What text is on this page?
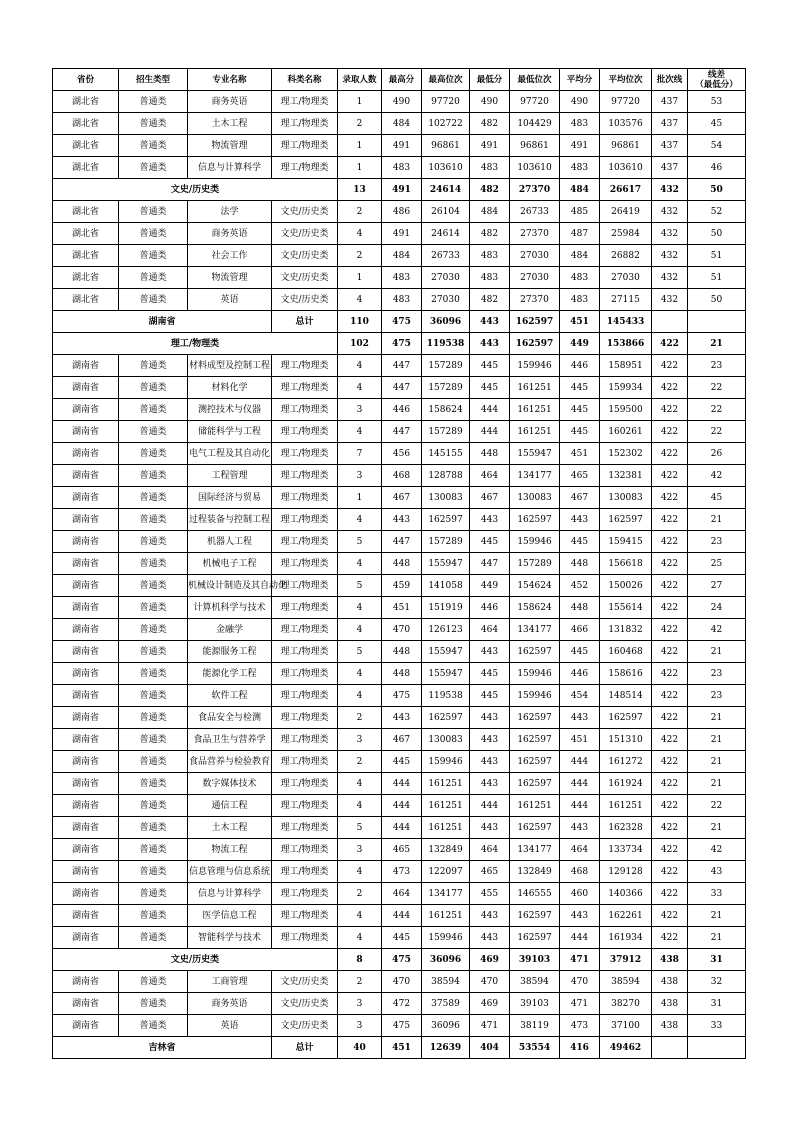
省份	招生类型	专业名称	科类名称	录取人数	最高分	最高位次	最低分	最低位次	平均分	平均位次	批次线	线差
（最低分）

湖北省	普通类	商务英语	理工/物理类	1	490	97720	490	97720	490	97720	437	53

湖北省	普通类	土木工程	理工/物理类	2	484	102722	482	104429	483	103576	437	45

湖北省	普通类	物流管理	理工/物理类	1	491	96861	491	96861	491	96861	437	54

湖北省	普通类	信息与计算科学	理工/物理类	1	483	103610	483	103610	483	103610	437	46

文史/历史类				13	491	24614	482	27370	484	26617	432	50

湖北省	普通类	法学	文史/历史类	2	486	26104	484	26733	485	26419	432	52

湖北省	普通类	商务英语	文史/历史类	4	491	24614	482	27370	487	25984	432	50

湖北省	普通类	社会工作	文史/历史类	2	484	26733	483	27030	484	26882	432	51

湖北省	普通类	物流管理	文史/历史类	1	483	27030	483	27030	483	27030	432	51

湖北省	普通类	英语	文史/历史类	4	483	27030	482	27370	483	27115	432	50

湖南省			总计	110	475	36096	443	162597	451	145433		

理工/物理类				102	475	119538	443	162597	449	153866	422	21

湖南省	普通类	材料成型及控制工程	理工/物理类	4	447	157289	445	159946	446	158951	422	23

湖南省	普通类	材料化学	理工/物理类	4	447	157289	445	161251	445	159934	422	22

湖南省	普通类	测控技术与仪器	理工/物理类	3	446	158624	444	161251	445	159500	422	22

湖南省	普通类	储能科学与工程	理工/物理类	4	447	157289	444	161251	445	160261	422	22

湖南省	普通类	电气工程及其自动化	理工/物理类	7	456	145155	448	155947	451	152302	422	26

湖南省	普通类	工程管理	理工/物理类	3	468	128788	464	134177	465	132381	422	42

湖南省	普通类	国际经济与贸易	理工/物理类	1	467	130083	467	130083	467	130083	422	45

湖南省	普通类	过程装备与控制工程	理工/物理类	4	443	162597	443	162597	443	162597	422	21

湖南省	普通类	机器人工程	理工/物理类	5	447	157289	445	159946	445	159415	422	23

湖南省	普通类	机械电子工程	理工/物理类	4	448	155947	447	157289	448	156618	422	25

湖南省	普通类	机械设计制造及其自动化	理工/物理类	5	459	141058	449	154624	452	150026	422	27

湖南省	普通类	计算机科学与技术	理工/物理类	4	451	151919	446	158624	448	155614	422	24

湖南省	普通类	金融学	理工/物理类	4	470	126123	464	134177	466	131832	422	42

湖南省	普通类	能源服务工程	理工/物理类	5	448	155947	443	162597	445	160468	422	21

湖南省	普通类	能源化学工程	理工/物理类	4	448	155947	445	159946	446	158616	422	23

湖南省	普通类	软件工程	理工/物理类	4	475	119538	445	159946	454	148514	422	23

湖南省	普通类	食品安全与检测	理工/物理类	2	443	162597	443	162597	443	162597	422	21

湖南省	普通类	食品卫生与营养学	理工/物理类	3	467	130083	443	162597	451	151310	422	21

湖南省	普通类	食品营养与检验教育	理工/物理类	2	445	159946	443	162597	444	161272	422	21

湖南省	普通类	数字媒体技术	理工/物理类	4	444	161251	443	162597	444	161924	422	21

湖南省	普通类	通信工程	理工/物理类	4	444	161251	444	161251	444	161251	422	22

湖南省	普通类	土木工程	理工/物理类	5	444	161251	443	162597	443	162328	422	21

湖南省	普通类	物流工程	理工/物理类	3	465	132849	464	134177	464	133734	422	42

湖南省	普通类	信息管理与信息系统	理工/物理类	4	473	122097	465	132849	468	129128	422	43

湖南省	普通类	信息与计算科学	理工/物理类	2	464	134177	455	146555	460	140366	422	33

湖南省	普通类	医学信息工程	理工/物理类	4	444	161251	443	162597	443	162261	422	21

湖南省	普通类	智能科学与技术	理工/物理类	4	445	159946	443	162597	444	161934	422	21

文史/历史类				8	475	36096	469	39103	471	37912	438	31

湖南省	普通类	工商管理	文史/历史类	2	470	38594	470	38594	470	38594	438	32

湖南省	普通类	商务英语	文史/历史类	3	472	37589	469	39103	471	38270	438	31

湖南省	普通类	英语	文史/历史类	3	475	36096	471	38119	473	37100	438	33

吉林省			总计	40	451	12639	404	53554	416	49462		
